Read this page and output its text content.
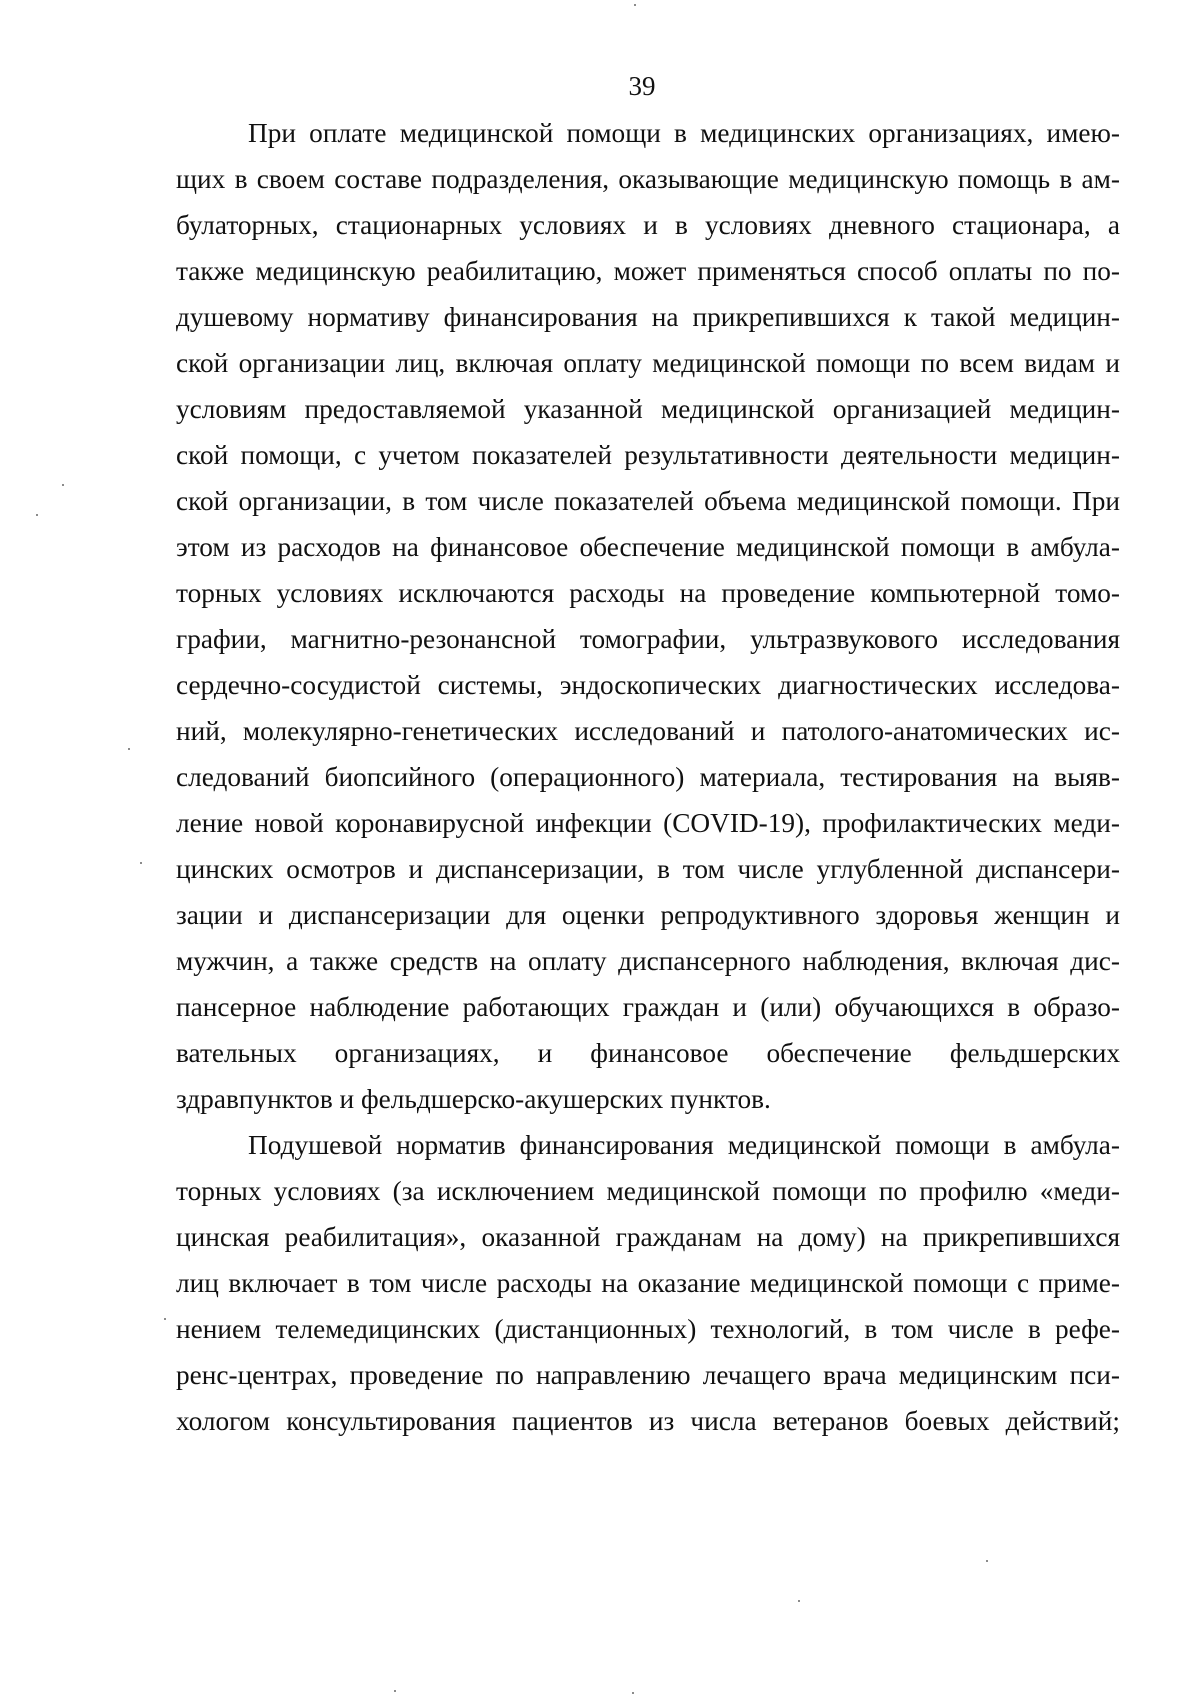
39
При оплате медицинской помощи в медицинских организациях, имею-
щих в своем составе подразделения, оказывающие медицинскую помощь в ам-
булаторных, стационарных условиях и в условиях дневного стационара, а
также медицинскую реабилитацию, может применяться способ оплаты по по-
душевому нормативу финансирования на прикрепившихся к такой медицин-
ской организации лиц, включая оплату медицинской помощи по всем видам и
условиям предоставляемой указанной медицинской организацией медицин-
ской помощи, с учетом показателей результативности деятельности медицин-
ской организации, в том числе показателей объема медицинской помощи. При
этом из расходов на финансовое обеспечение медицинской помощи в амбула-
торных условиях исключаются расходы на проведение компьютерной томо-
графии, магнитно-резонансной томографии, ультразвукового исследования
сердечно-сосудистой системы, эндоскопических диагностических исследова-
ний, молекулярно-генетических исследований и патолого-анатомических ис-
следований биопсийного (операционного) материала, тестирования на выяв-
ление новой коронавирусной инфекции (COVID-19), профилактических меди-
цинских осмотров и диспансеризации, в том числе углубленной диспансери-
зации и диспансеризации для оценки репродуктивного здоровья женщин и
мужчин, а также средств на оплату диспансерного наблюдения, включая дис-
пансерное наблюдение работающих граждан и (или) обучающихся в образо-
вательных организациях, и финансовое обеспечение фельдшерских
здравпунктов и фельдшерско-акушерских пунктов.
Подушевой норматив финансирования медицинской помощи в амбула-
торных условиях (за исключением медицинской помощи по профилю «меди-
цинская реабилитация», оказанной гражданам на дому) на прикрепившихся
лиц включает в том числе расходы на оказание медицинской помощи с приме-
нением телемедицинских (дистанционных) технологий, в том числе в рефе-
ренс-центрах, проведение по направлению лечащего врача медицинским пси-
хологом консультирования пациентов из числа ветеранов боевых действий;
